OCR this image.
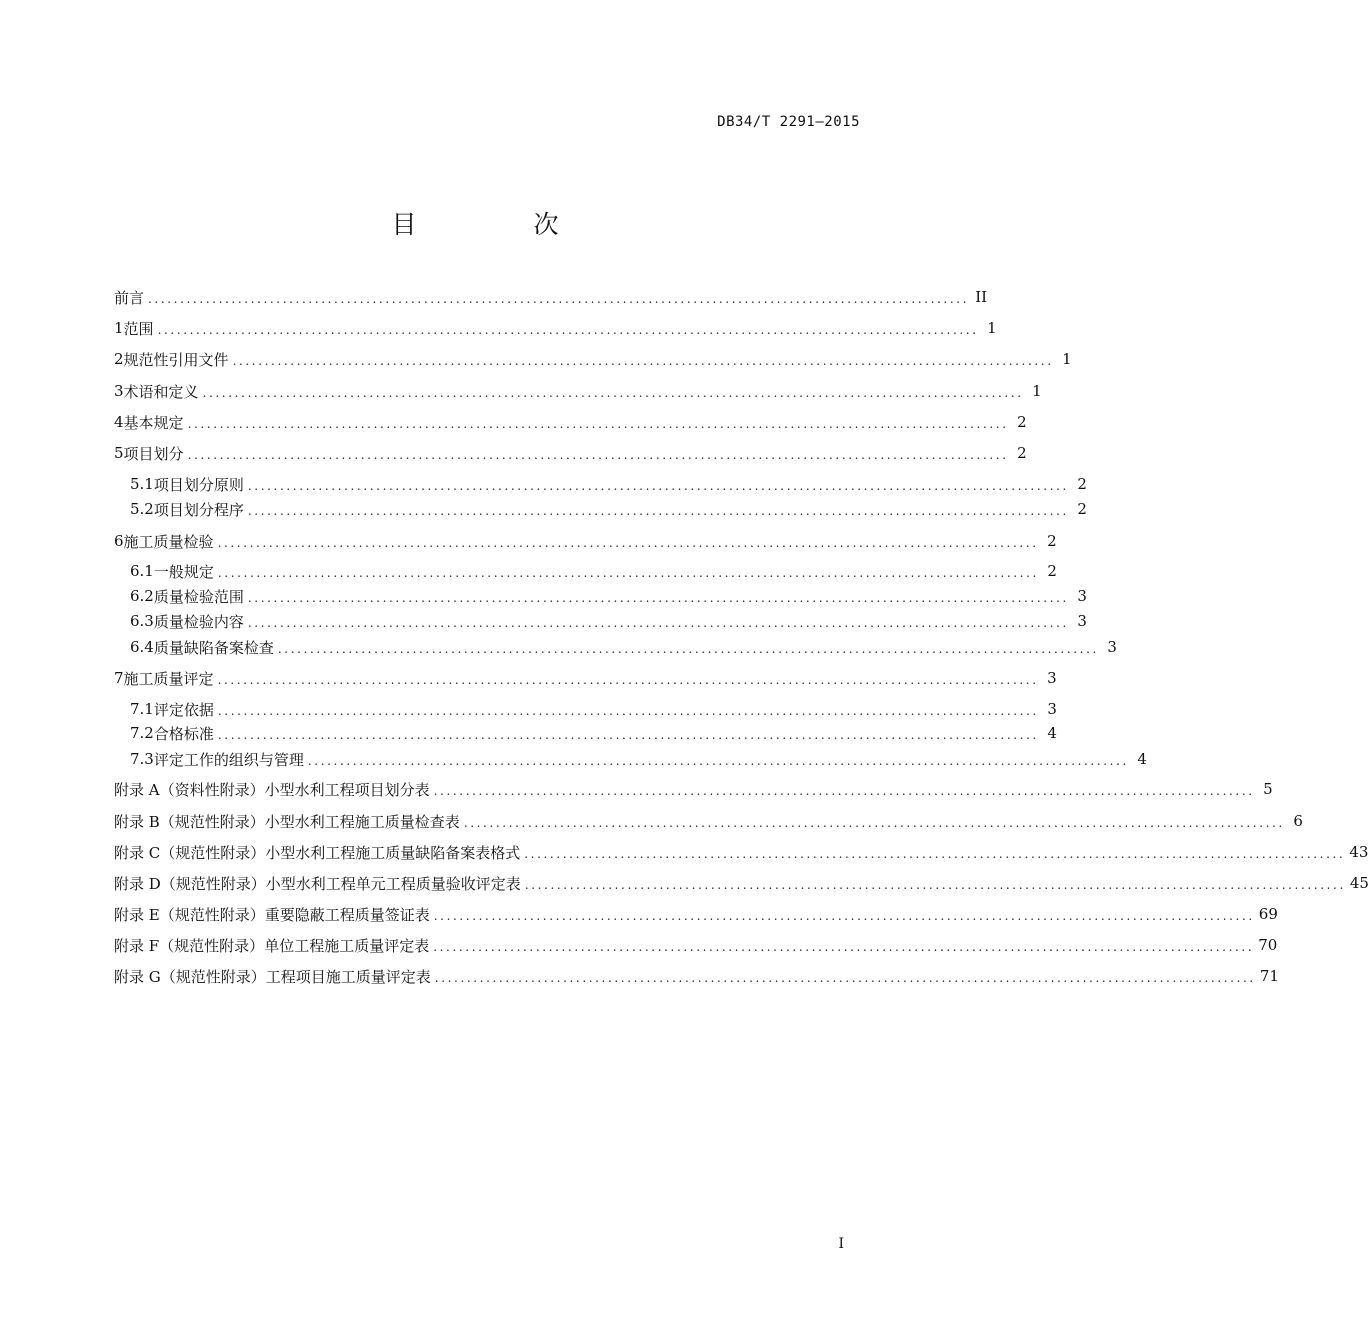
DB34/T 2291—2015
目　次
前言 ................................................................................................................................ II
1 范围 ................................................................................................................................ 1
2 规范性引用文件 ................................................................................................................................ 1
3 术语和定义 ................................................................................................................................ 1
4 基本规定 ................................................................................................................................ 2
5 项目划分 ................................................................................................................................ 2
5.1 项目划分原则 ................................................................................................................................ 2
5.2 项目划分程序 ................................................................................................................................ 2
6 施工质量检验 ................................................................................................................................ 2
6.1 一般规定 ................................................................................................................................ 2
6.2 质量检验范围 ................................................................................................................................ 3
6.3 质量检验内容 ................................................................................................................................ 3
6.4 质量缺陷备案检查 ................................................................................................................................ 3
7 施工质量评定 ................................................................................................................................ 3
7.1 评定依据 ................................................................................................................................ 3
7.2 合格标准 ................................................................................................................................ 4
7.3 评定工作的组织与管理 ................................................................................................................................ 4
附录 A（资料性附录） 小型水利工程项目划分表 ................................................................................................................................ 5
附录 B（规范性附录） 小型水利工程施工质量检查表 ................................................................................................................................ 6
附录 C（规范性附录） 小型水利工程施工质量缺陷备案表格式 ................................................................................................................................ 43
附录 D（规范性附录） 小型水利工程单元工程质量验收评定表 ................................................................................................................................ 45
附录 E（规范性附录） 重要隐蔽工程质量签证表 ................................................................................................................................ 69
附录 F（规范性附录） 单位工程施工质量评定表 ................................................................................................................................ 70
附录 G（规范性附录） 工程项目施工质量评定表 ................................................................................................................................ 71
I
